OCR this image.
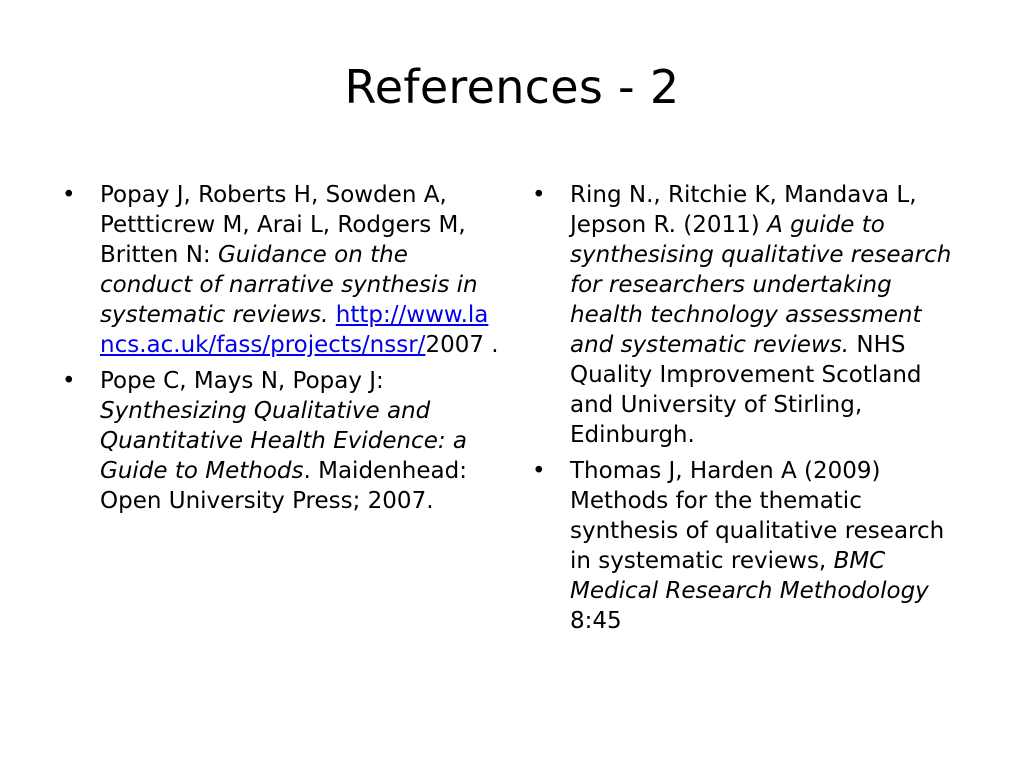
References - 2
• Popay J, Roberts H, Sowden A, Pettticrew M, Arai L, Rodgers M, Britten N: Guidance on the conduct of narrative synthesis in systematic reviews. http://www.lancs.ac.uk/fass/projects/nssr/2007 .
• Pope C, Mays N, Popay J: Synthesizing Qualitative and Quantitative Health Evidence: a Guide to Methods. Maidenhead: Open University Press; 2007.
• Ring N., Ritchie K, Mandava L, Jepson R. (2011) A guide to synthesising qualitative research for researchers undertaking health technology assessment and systematic reviews. NHS Quality Improvement Scotland and University of Stirling, Edinburgh.
• Thomas J, Harden A (2009) Methods for the thematic synthesis of qualitative research in systematic reviews, BMC Medical Research Methodology 8:45
